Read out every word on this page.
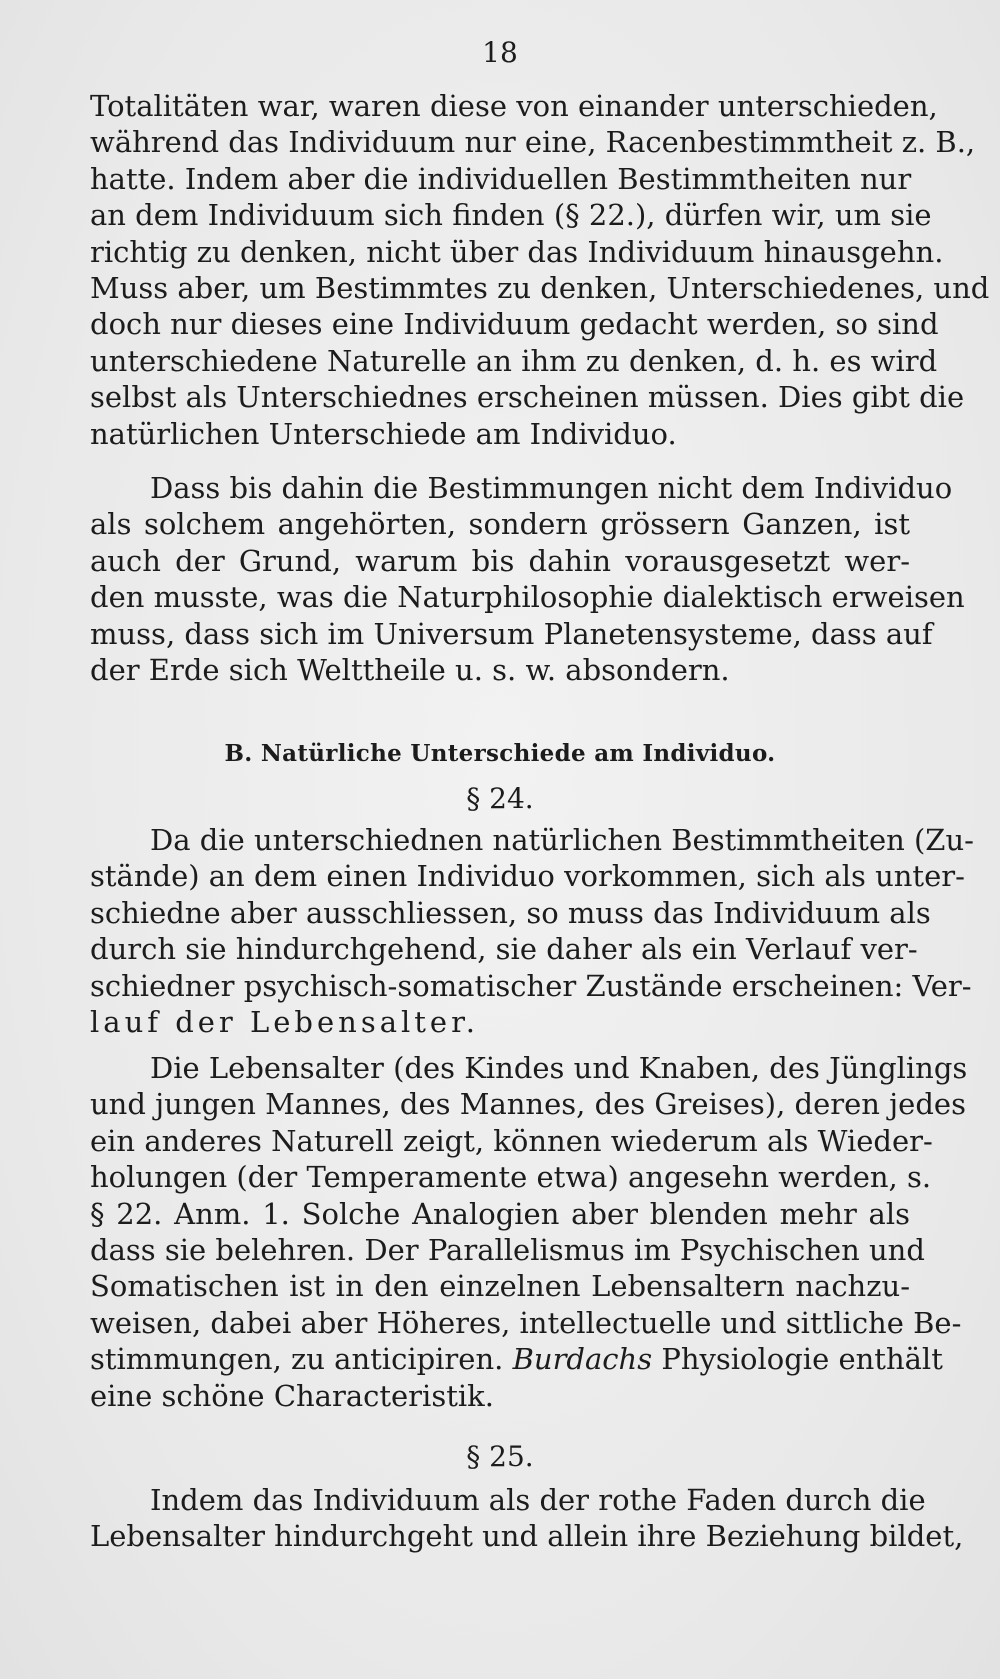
18
Totalitäten war, waren diese von einander unterschieden,
während das Individuum nur eine, Racenbestimmtheit z. B.,
hatte. Indem aber die individuellen Bestimmtheiten nur
an dem Individuum sich finden (§ 22.), dürfen wir, um sie
richtig zu denken, nicht über das Individuum hinausgehn.
Muss aber, um Bestimmtes zu denken, Unterschiedenes, und
doch nur dieses eine Individuum gedacht werden, so sind
unterschiedene Naturelle an ihm zu denken, d. h. es wird
selbst als Unterschiednes erscheinen müssen. Dies gibt die
natürlichen Unterschiede am Individuo.
Dass bis dahin die Bestimmungen nicht dem Individuo
als solchem angehörten, sondern grössern Ganzen, ist
auch der Grund, warum bis dahin vorausgesetzt wer-
den musste, was die Naturphilosophie dialektisch erweisen
muss, dass sich im Universum Planetensysteme, dass auf
der Erde sich Welttheile u. s. w. absondern.
B. Natürliche Unterschiede am Individuo.
§ 24.
Da die unterschiednen natürlichen Bestimmtheiten (Zu-
stände) an dem einen Individuo vorkommen, sich als unter-
schiedne aber ausschliessen, so muss das Individuum als
durch sie hindurchgehend, sie daher als ein Verlauf ver-
schiedner psychisch-somatischer Zustände erscheinen: Ver-
lauf der Lebensalter.
Die Lebensalter (des Kindes und Knaben, des Jünglings
und jungen Mannes, des Mannes, des Greises), deren jedes
ein anderes Naturell zeigt, können wiederum als Wieder-
holungen (der Temperamente etwa) angesehn werden, s.
§ 22. Anm. 1. Solche Analogien aber blenden mehr als
dass sie belehren. Der Parallelismus im Psychischen und
Somatischen ist in den einzelnen Lebensaltern nachzu-
weisen, dabei aber Höheres, intellectuelle und sittliche Be-
stimmungen, zu anticipiren. Burdachs Physiologie enthält
eine schöne Characteristik.
§ 25.
Indem das Individuum als der rothe Faden durch die
Lebensalter hindurchgeht und allein ihre Beziehung bildet,
